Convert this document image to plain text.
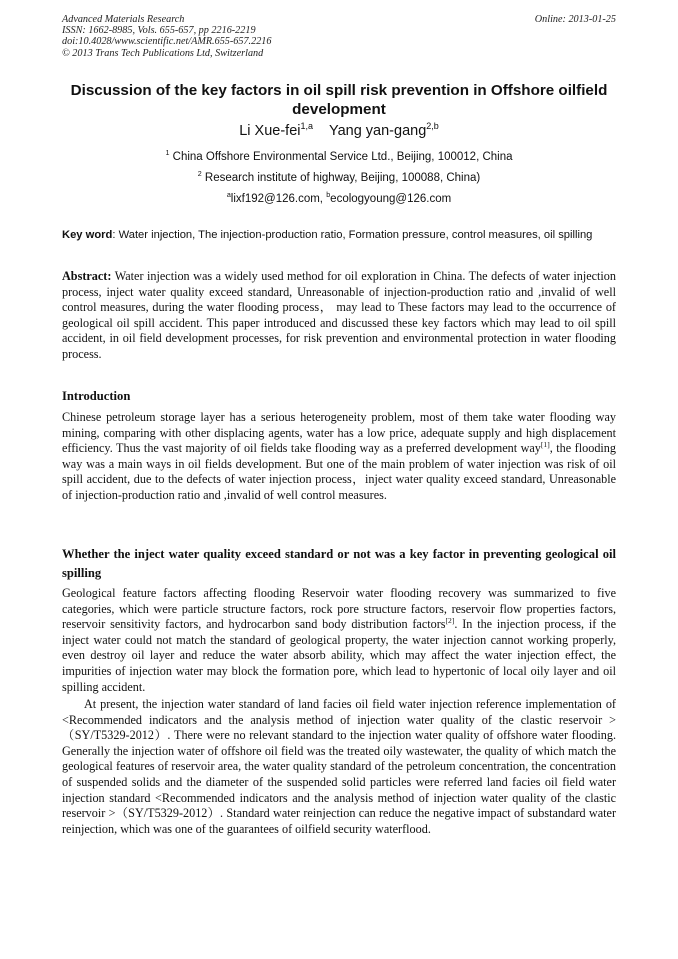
Advanced Materials Research
ISSN: 1662-8985, Vols. 655-657, pp 2216-2219
doi:10.4028/www.scientific.net/AMR.655-657.2216
© 2013 Trans Tech Publications Ltd, Switzerland
Online: 2013-01-25
Discussion of the key factors in oil spill risk prevention in Offshore oilfield development
Li Xue-fei$^{1,a}$ Yang yan-gang$^{2,b}$
$^1$ China Offshore Environmental Service Ltd., Beijing, 100012, China
$^2$ Research institute of highway, Beijing, 100088, China)
$^a$lixf192@126.com, $^b$ecologyoung@126.com
Key word: Water injection, The injection-production ratio, Formation pressure, control measures, oil spilling
Abstract: Water injection was a widely used method for oil exploration in China. The defects of water injection process, inject water quality exceed standard, Unreasonable of injection-production ratio and ,invalid of well control measures, during the water flooding process， may lead to These factors may lead to the occurrence of geological oil spill accident. This paper introduced and discussed these key factors which may lead to oil spill accident, in oil field development processes, for risk prevention and environmental protection in water flooding process.
Introduction
Chinese petroleum storage layer has a serious heterogeneity problem, most of them take water flooding way mining, comparing with other displacing agents, water has a low price, adequate supply and high displacement efficiency. Thus the vast majority of oil fields take flooding way as a preferred development way[1], the flooding way was a main ways in oil fields development. But one of the main problem of water injection was risk of oil spill accident, due to the defects of water injection process，inject water quality exceed standard, Unreasonable of injection-production ratio and ,invalid of well control measures.
Whether the inject water quality exceed standard or not was a key factor in preventing geological oil spilling
Geological feature factors affecting flooding Reservoir water flooding recovery was summarized to five categories, which were particle structure factors, rock pore structure factors, reservoir flow properties factors, reservoir sensitivity factors, and hydrocarbon sand body distribution factors[2]. In the injection process, if the inject water could not match the standard of geological property, the water injection cannot working properly, even destroy oil layer and reduce the water absorb ability, which may affect the water injection effect, the impurities of injection water may block the formation pore, which lead to hypertonic of local oily layer and oil spilling accident.
At present, the injection water standard of land facies oil field water injection reference implementation of <Recommended indicators and the analysis method of injection water quality of the clastic reservoir >（SY/T5329-2012）. There were no relevant standard to the injection water quality of offshore water flooding. Generally the injection water of offshore oil field was the treated oily wastewater, the quality of which match the geological features of reservoir area, the water quality standard of the petroleum concentration, the concentration of suspended solids and the diameter of the suspended solid particles were referred land facies oil field water injection standard <Recommended indicators and the analysis method of injection water quality of the clastic reservoir >（SY/T5329-2012）. Standard water reinjection can reduce the negative impact of substandard water reinjection, which was one of the guarantees of oilfield security waterflood.
